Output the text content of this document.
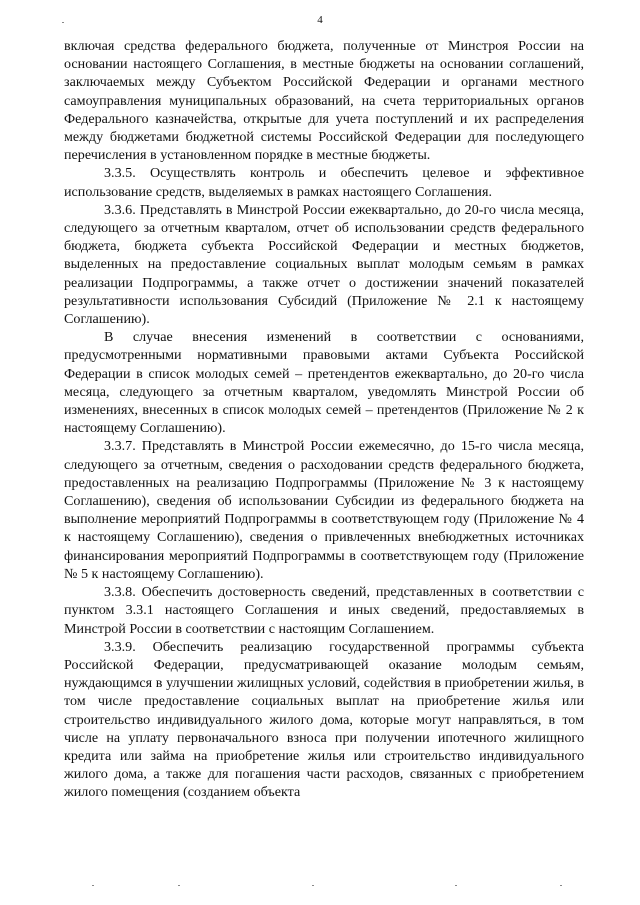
4

включая средства федерального бюджета, полученные от Минстроя России на основании настоящего Соглашения, в местные бюджеты на основании соглашений, заключаемых между Субъектом Российской Федерации и органами местного самоуправления муниципальных образований, на счета территориальных органов Федерального казначейства, открытые для учета поступлений и их распределения между бюджетами бюджетной системы Российской Федерации для последующего перечисления в установленном порядке в местные бюджеты.

3.3.5. Осуществлять контроль и обеспечить целевое и эффективное использование средств, выделяемых в рамках настоящего Соглашения.

3.3.6. Представлять в Минстрой России ежеквартально, до 20-го числа месяца, следующего за отчетным кварталом, отчет об использовании средств федерального бюджета, бюджета субъекта Российской Федерации и местных бюджетов, выделенных на предоставление социальных выплат молодым семьям в рамках реализации Подпрограммы, а также отчет о достижении значений показателей результативности использования Субсидий (Приложение № 2.1 к настоящему Соглашению).

В случае внесения изменений в соответствии с основаниями, предусмотренными нормативными правовыми актами Субъекта Российской Федерации в список молодых семей – претендентов ежеквартально, до 20-го числа месяца, следующего за отчетным кварталом, уведомлять Минстрой России об изменениях, внесенных в список молодых семей – претендентов (Приложение № 2 к настоящему Соглашению).

3.3.7. Представлять в Минстрой России ежемесячно, до 15-го числа месяца, следующего за отчетным, сведения о расходовании средств федерального бюджета, предоставленных на реализацию Подпрограммы (Приложение № 3 к настоящему Соглашению), сведения об использовании Субсидии из федерального бюджета на выполнение мероприятий Подпрограммы в соответствующем году (Приложение № 4 к настоящему Соглашению), сведения о привлеченных внебюджетных источниках финансирования мероприятий Подпрограммы в соответствующем году (Приложение № 5 к настоящему Соглашению).

3.3.8. Обеспечить достоверность сведений, представленных в соответствии с пунктом 3.3.1 настоящего Соглашения и иных сведений, предоставляемых в Минстрой России в соответствии с настоящим Соглашением.

3.3.9. Обеспечить реализацию государственной программы субъекта Российской Федерации, предусматривающей оказание молодым семьям, нуждающимся в улучшении жилищных условий, содействия в приобретении жилья, в том числе предоставление социальных выплат на приобретение жилья или строительство индивидуального жилого дома, которые могут направляться, в том числе на уплату первоначального взноса при получении ипотечного жилищного кредита или займа на приобретение жилья или строительство индивидуального жилого дома, а также для погашения части расходов, связанных с приобретением жилого помещения (созданием объекта
